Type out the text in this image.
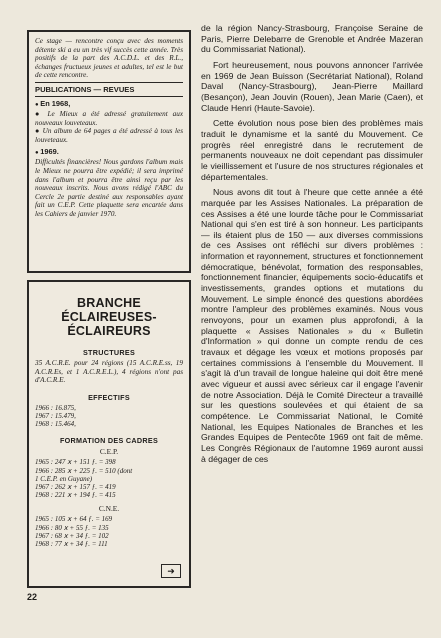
Ce stage — rencontre conçu avec des moments détente ski a eu un très vif succès cette année. Très positifs de la part des A.C.D.L. et des R.L., échanges fructueux jeunes et adultes, tel est le but de cette rencontre.

PUBLICATIONS — REVUES

● En 1968,

● Le Mieux a été adressé gratuitement aux nouveaux louveteaux.

● Un album de 64 pages a été adressé à tous les louveteaux.

● 1969.

Difficultés financières! Nous gardons l'album mais le Mieux ne pourra être expédié; il sera imprimé dans l'album et pourra être ainsi reçu par les nouveaux inscrits. Nous avons rédigé l'ABC du Cercle 2e partie destiné aux responsables ayant fait un C.E.P. Cette plaquette sera encartée dans les Cahiers de janvier 1970.

BRANCHE
ÉCLAIREUSES-
ÉCLAIREURS
STRUCTURES

35 A.C.R.E. pour 24 régions (15 A.C.R.E.ss, 19 A.C.R.Es, et 1 A.C.R.E.L.), 4 régions n'ont pas d'A.C.R.E.

EFFECTIFS

1966 : 16.875,

1967 : 15.479,

1968 : 15.464,

FORMATION DES CADRES
C.E.P.

1965 : 247 ⅹ + 151 ƒ. = 398

1966 : 285 ⅹ + 225 ƒ. = 510 (dont

1 C.E.P. en Guyane)

1967 : 262 ⅹ + 157 ƒ. = 419

1968 : 221 ⅹ + 194 ƒ. = 415

C.N.E.

1965 : 105 ⅹ + 64 ƒ. = 169

1966 : 80 ⅹ + 55 ƒ. = 135

1967 : 68 ⅹ + 34 ƒ. = 102

1968 : 77 ⅹ + 34 ƒ. = 111

➜

de la région Nancy-Strasbourg, Françoise Seraine de Paris, Pierre Delebarre de Grenoble et Andrée Mazeran du Commissariat National).

Fort heureusement, nous pouvons annoncer l'arrivée en 1969 de Jean Buisson (Secrétariat National), Roland Daval (Nancy-Strasbourg), Jean-Pierre Maillard (Besançon), Jean Jouvin (Rouen), Jean Marie (Caen), et Claude Henri (Haute-Savoie).

Cette évolution nous pose bien des problèmes mais traduit le dynamisme et la santé du Mouvement. Ce progrès réel enregistré dans le recrutement de permanents nouveaux ne doit cependant pas dissimuler le vieillissement et l'usure de nos structures régionales et départementales.

Nous avons dit tout à l'heure que cette année a été marquée par les Assises Nationales. La préparation de ces Assises a été une lourde tâche pour le Commissariat National qui s'en est tiré à son honneur. Les participants — ils étaient plus de 150 — aux diverses commissions de ces Assises ont réfléchi sur divers problèmes : information et rayonnement, structures et fonctionnement démocratique, bénévolat, formation des responsables, fonctionnement financier, équipements socio-éducatifs et investissements, grandes options et mutations du Mouvement. Le simple énoncé des questions abordées montre l'ampleur des problèmes examinés. Nous vous renvoyons, pour un examen plus approfondi, à la plaquette « Assises Nationales » du « Bulletin d'Information » qui donne un compte rendu de ces travaux et dégage les vœux et motions proposés par certaines commissions à l'ensemble du Mouvement. Il s'agit là d'un travail de longue haleine qui doit être mené avec vigueur et aussi avec sérieux car il engage l'avenir de notre Association. Déjà le Comité Directeur a travaillé sur les questions soulevées et qui étaient de sa compétence. Le Commissariat National, le Comité National, les Equipes Nationales de Branches et les Grandes Equipes de Pentecôte 1969 ont fait de même. Les Congrès Régionaux de l'automne 1969 auront aussi à dégager de ces

22
